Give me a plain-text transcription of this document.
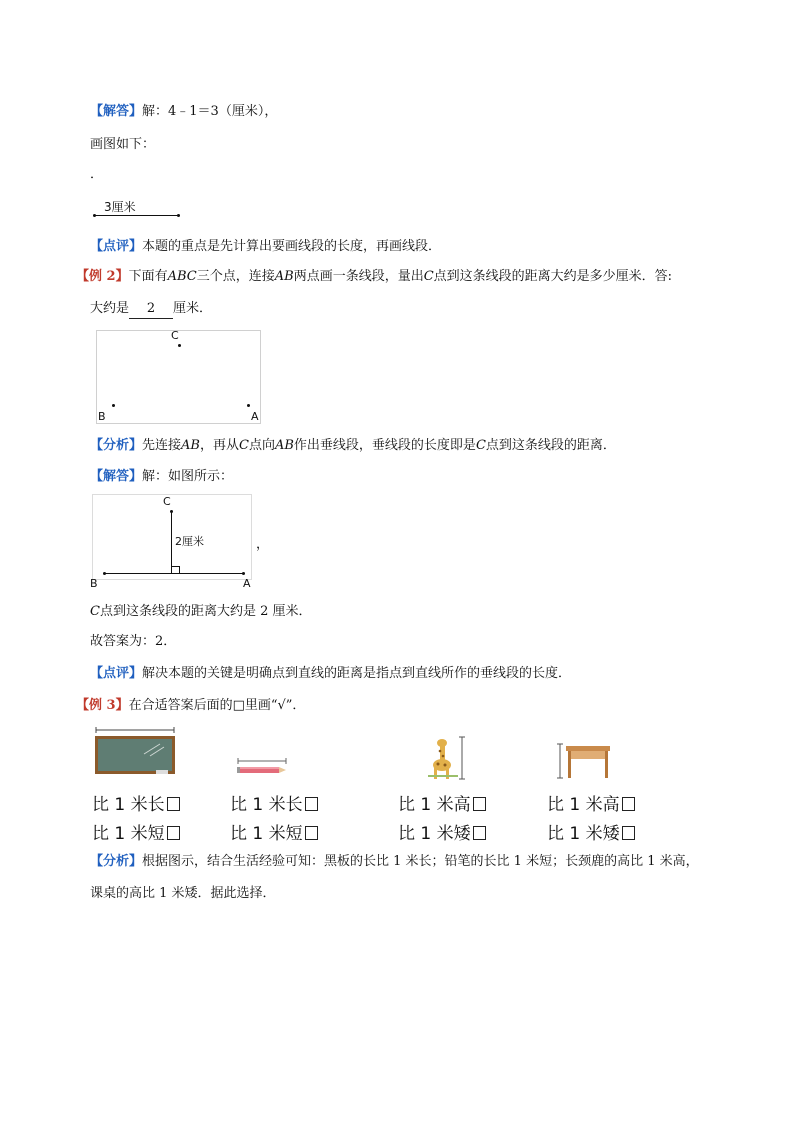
【解答】解：4﹣1＝3（厘米），
画图如下：
．
3厘米
【点评】本题的重点是先计算出要画线段的长度，再画线段．
【例 2】下面有ABC三个点，连接AB两点画一条线段，量出C点到这条线段的距离大约是多少厘米．答:
大约是 2 厘米．
C
B	A
【分析】先连接AB，再从C点向AB作出垂线段，垂线段的长度即是C点到这条线段的距离．
【解答】解：如图所示：
C
2厘米
B	A
，
C点到这条线段的距离大约是 2 厘米．
故答案为：2．
【点评】解决本题的关键是明确点到直线的距离是指点到直线所作的垂线段的长度．
【例 3】在合适答案后面的□里画“√”．
比 1 米长
比 1 米短
比 1 米长
比 1 米短
比 1 米高
比 1 米矮
比 1 米高
比 1 米矮
【分析】根据图示，结合生活经验可知：黑板的长比 1 米长；铅笔的长比 1 米短；长颈鹿的高比 1 米高，
课桌的高比 1 米矮．据此选择．
